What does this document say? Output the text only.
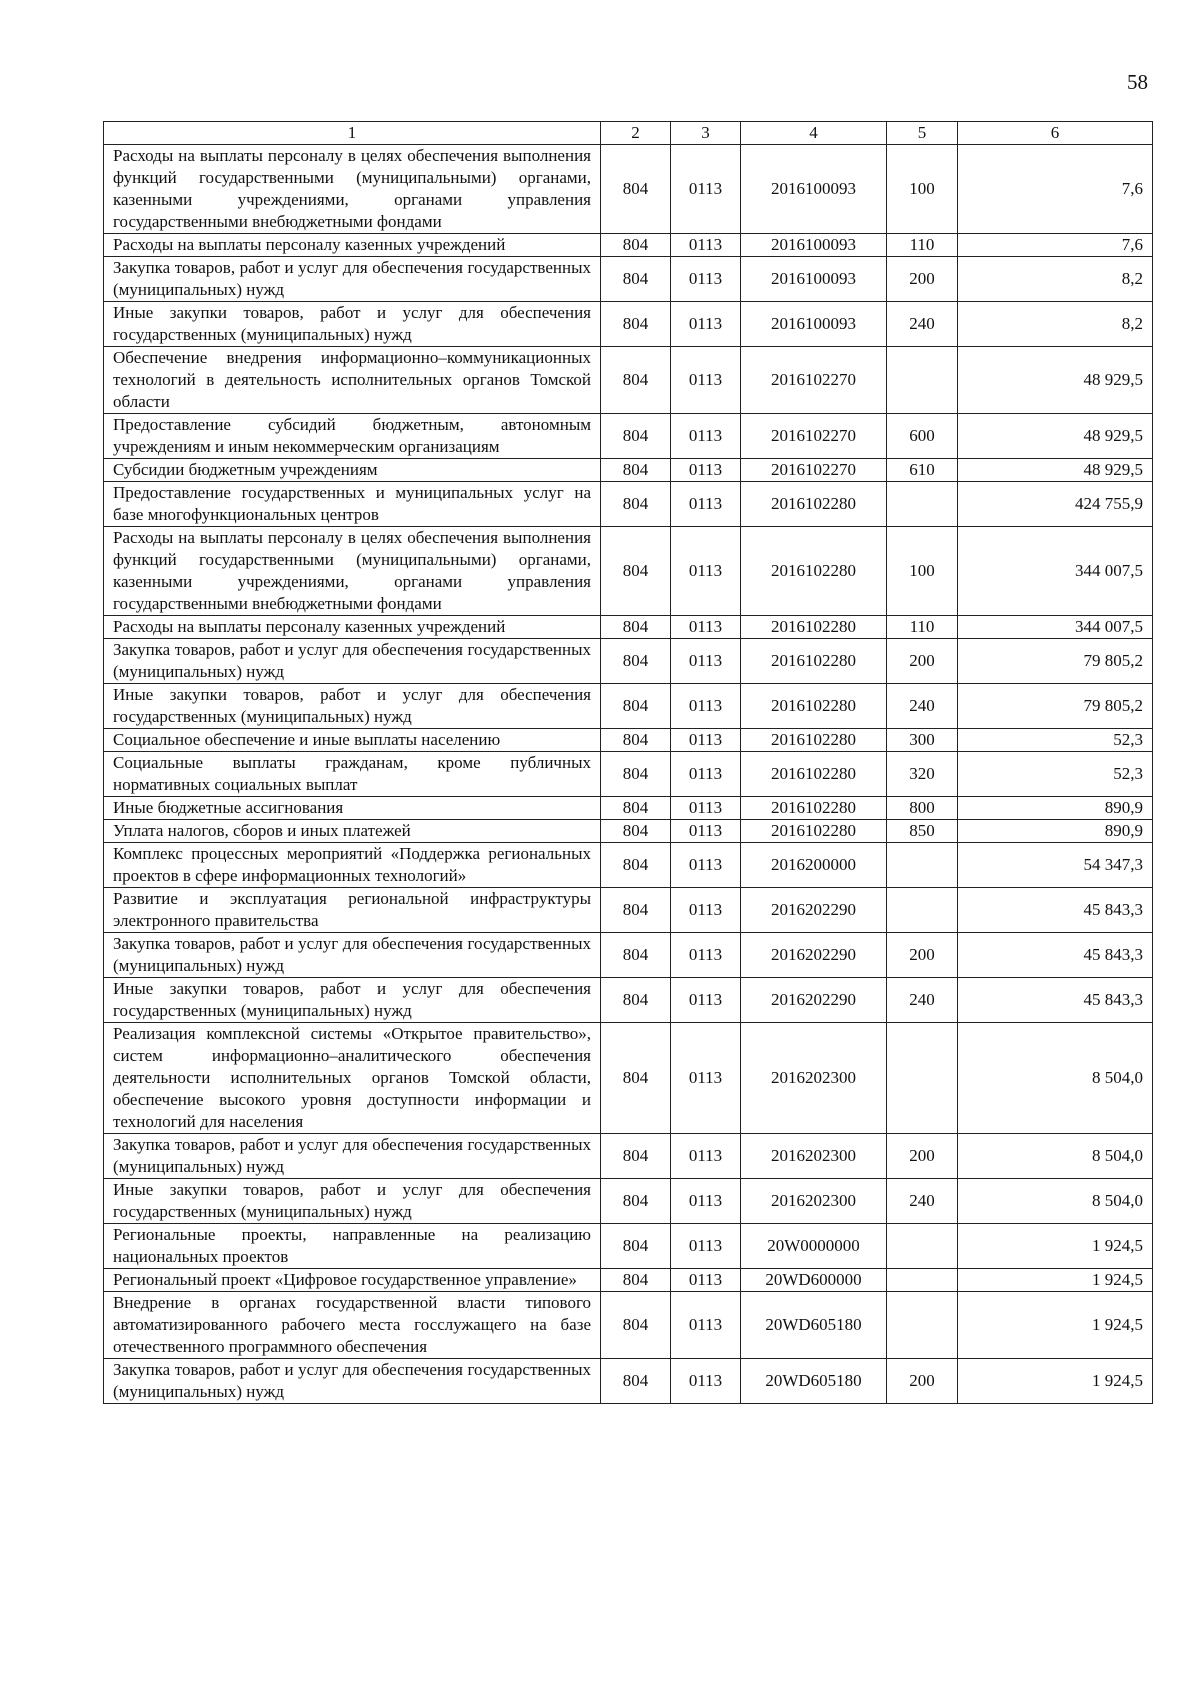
58
1	2	3	4	5	6
Расходы на выплаты персоналу в целях обеспечения выполнения функций государственными (муниципальными) органами, казенными учреждениями, органами управления государственными внебюджетными фондами	804	0113	2016100093	100	7,6
Расходы на выплаты персоналу казенных учреждений	804	0113	2016100093	110	7,6
Закупка товаров, работ и услуг для обеспечения государственных (муниципальных) нужд	804	0113	2016100093	200	8,2
Иные закупки товаров, работ и услуг для обеспечения государственных (муниципальных) нужд	804	0113	2016100093	240	8,2
Обеспечение внедрения информационно–коммуникационных технологий в деятельность исполнительных органов Томской области	804	0113	2016102270		48 929,5
Предоставление субсидий бюджетным, автономным учреждениям и иным некоммерческим организациям	804	0113	2016102270	600	48 929,5
Субсидии бюджетным учреждениям	804	0113	2016102270	610	48 929,5
Предоставление государственных и муниципальных услуг на базе многофункциональных центров	804	0113	2016102280		424 755,9
Расходы на выплаты персоналу в целях обеспечения выполнения функций государственными (муниципальными) органами, казенными учреждениями, органами управления государственными внебюджетными фондами	804	0113	2016102280	100	344 007,5
Расходы на выплаты персоналу казенных учреждений	804	0113	2016102280	110	344 007,5
Закупка товаров, работ и услуг для обеспечения государственных (муниципальных) нужд	804	0113	2016102280	200	79 805,2
Иные закупки товаров, работ и услуг для обеспечения государственных (муниципальных) нужд	804	0113	2016102280	240	79 805,2
Социальное обеспечение и иные выплаты населению	804	0113	2016102280	300	52,3
Социальные выплаты гражданам, кроме публичных нормативных социальных выплат	804	0113	2016102280	320	52,3
Иные бюджетные ассигнования	804	0113	2016102280	800	890,9
Уплата налогов, сборов и иных платежей	804	0113	2016102280	850	890,9
Комплекс процессных мероприятий «Поддержка региональных проектов в сфере информационных технологий»	804	0113	2016200000		54 347,3
Развитие и эксплуатация региональной инфраструктуры электронного правительства	804	0113	2016202290		45 843,3
Закупка товаров, работ и услуг для обеспечения государственных (муниципальных) нужд	804	0113	2016202290	200	45 843,3
Иные закупки товаров, работ и услуг для обеспечения государственных (муниципальных) нужд	804	0113	2016202290	240	45 843,3
Реализация комплексной системы «Открытое правительство», систем информационно–аналитического обеспечения деятельности исполнительных органов Томской области, обеспечение высокого уровня доступности информации и технологий для населения	804	0113	2016202300		8 504,0
Закупка товаров, работ и услуг для обеспечения государственных (муниципальных) нужд	804	0113	2016202300	200	8 504,0
Иные закупки товаров, работ и услуг для обеспечения государственных (муниципальных) нужд	804	0113	2016202300	240	8 504,0
Региональные проекты, направленные на реализацию национальных проектов	804	0113	20W0000000		1 924,5
Региональный проект «Цифровое государственное управление»	804	0113	20WD600000		1 924,5
Внедрение в органах государственной власти типового автоматизированного рабочего места госслужащего на базе отечественного программного обеспечения	804	0113	20WD605180		1 924,5
Закупка товаров, работ и услуг для обеспечения государственных (муниципальных) нужд	804	0113	20WD605180	200	1 924,5
